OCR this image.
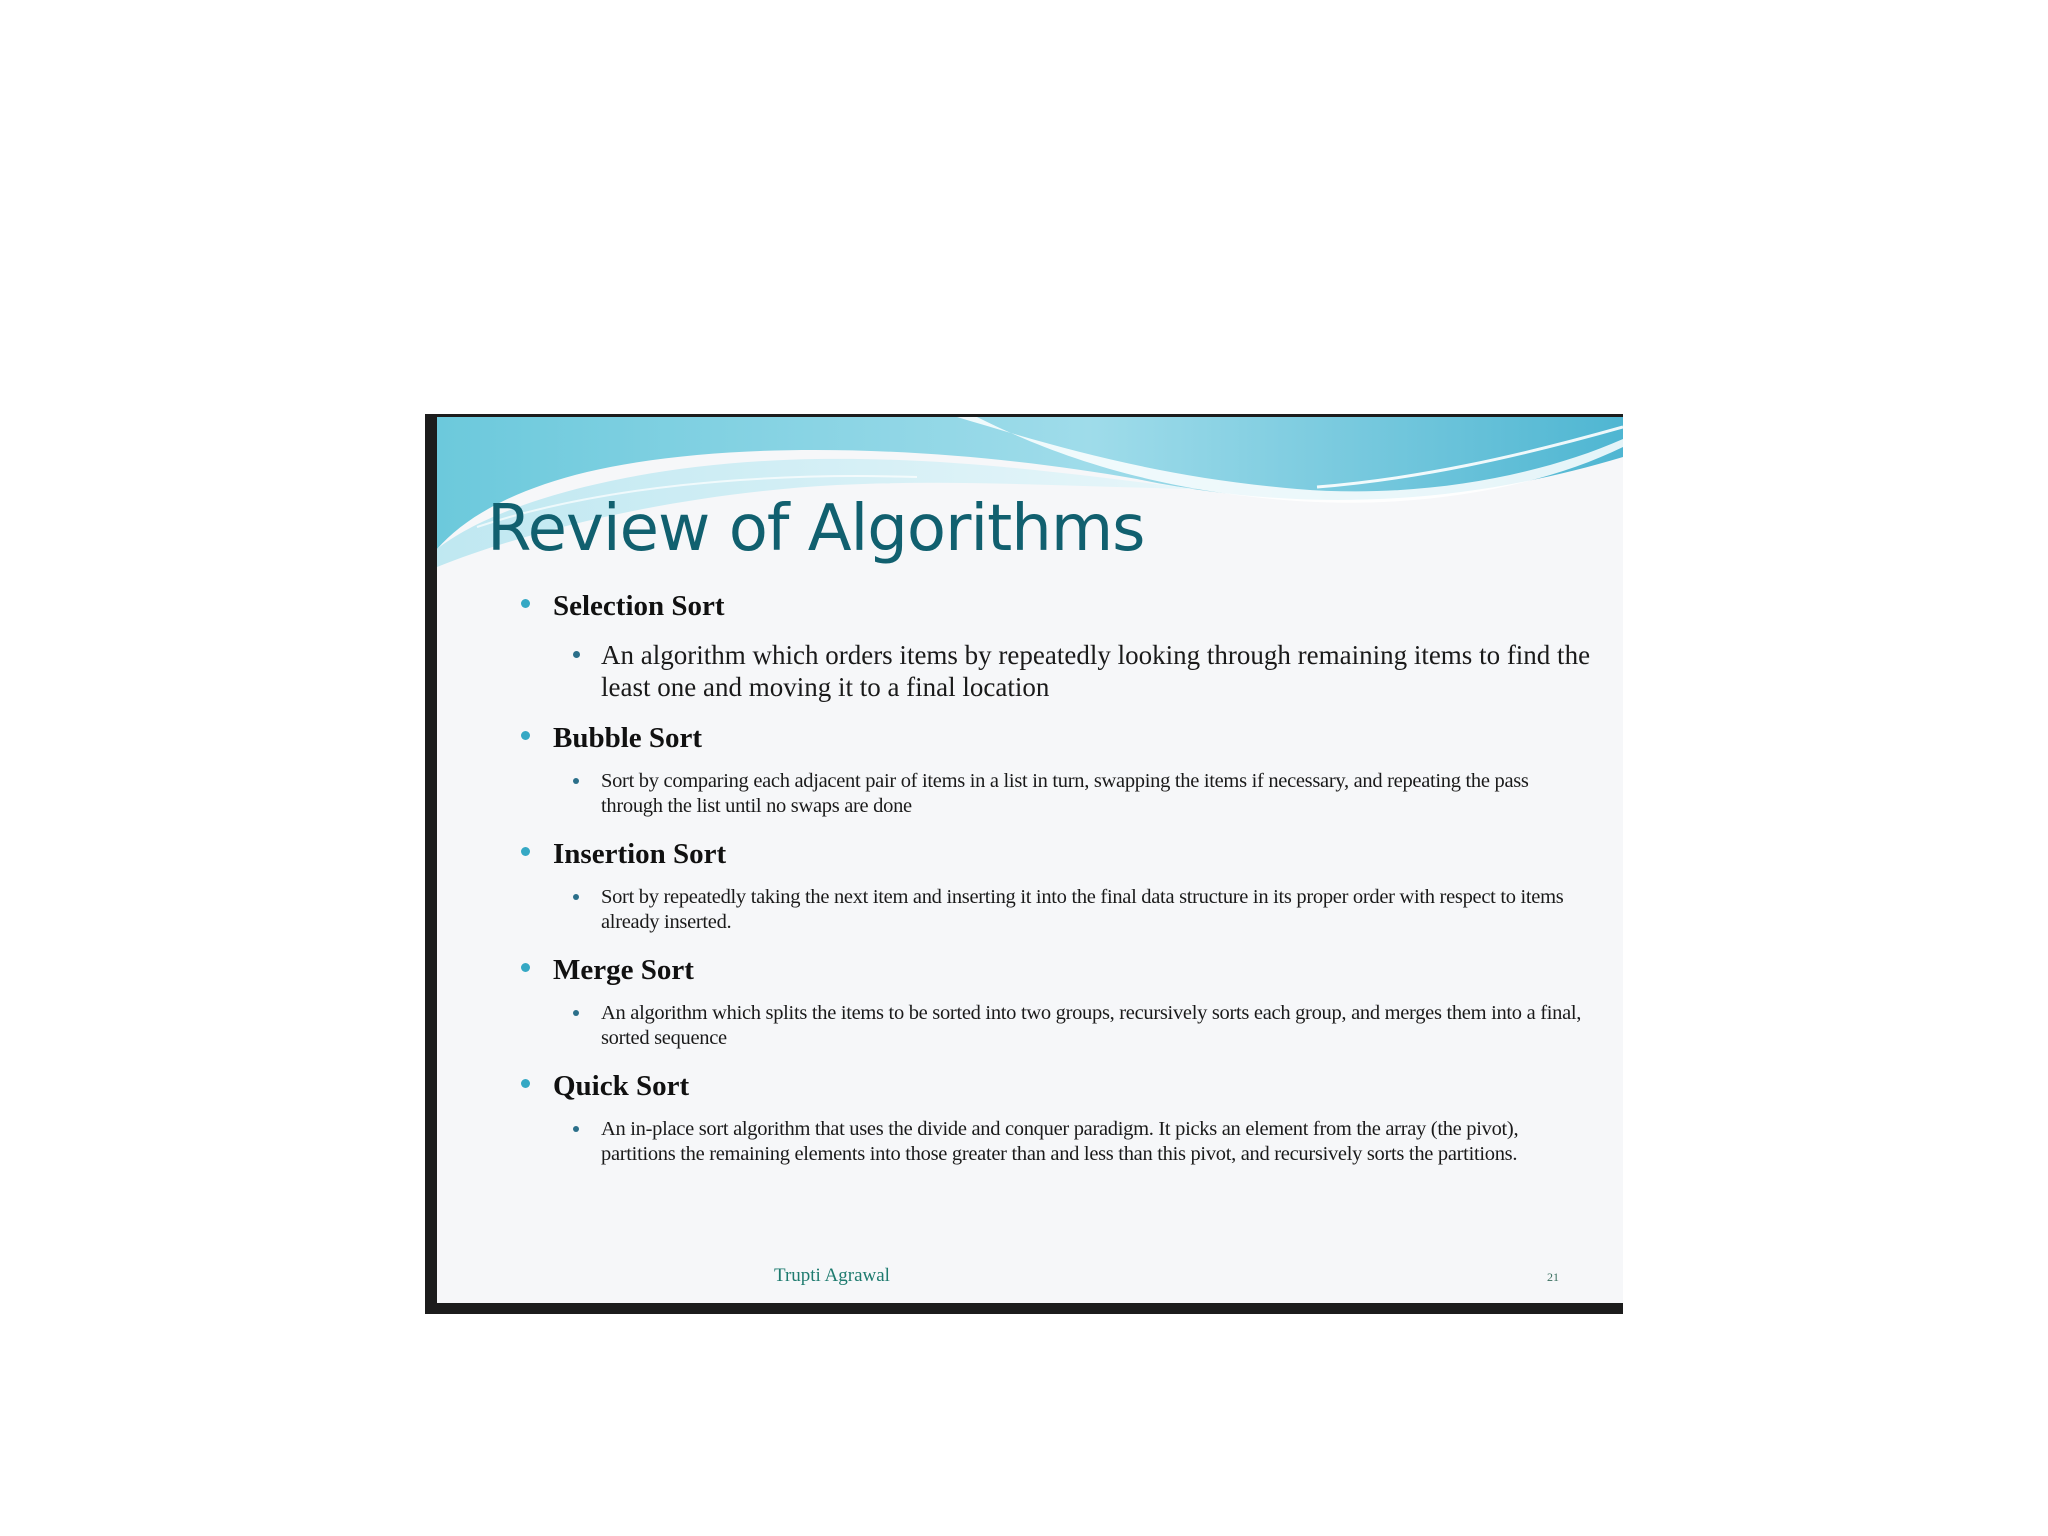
Review of Algorithms
Selection Sort
An algorithm which orders items by repeatedly looking through remaining items to find the least one and moving it to a final location
Bubble Sort
Sort by comparing each adjacent pair of items in a list in turn, swapping the items if necessary, and repeating the pass through the list until no swaps are done
Insertion Sort
Sort by repeatedly taking the next item and inserting it into the final data structure in its proper order with respect to items already inserted.
Merge Sort
An algorithm which splits the items to be sorted into two groups, recursively sorts each group, and merges them into a final, sorted sequence
Quick Sort
An in-place sort algorithm that uses the divide and conquer paradigm. It picks an element from the array (the pivot), partitions the remaining elements into those greater than and less than this pivot, and recursively sorts the partitions.
Trupti Agrawal	21
